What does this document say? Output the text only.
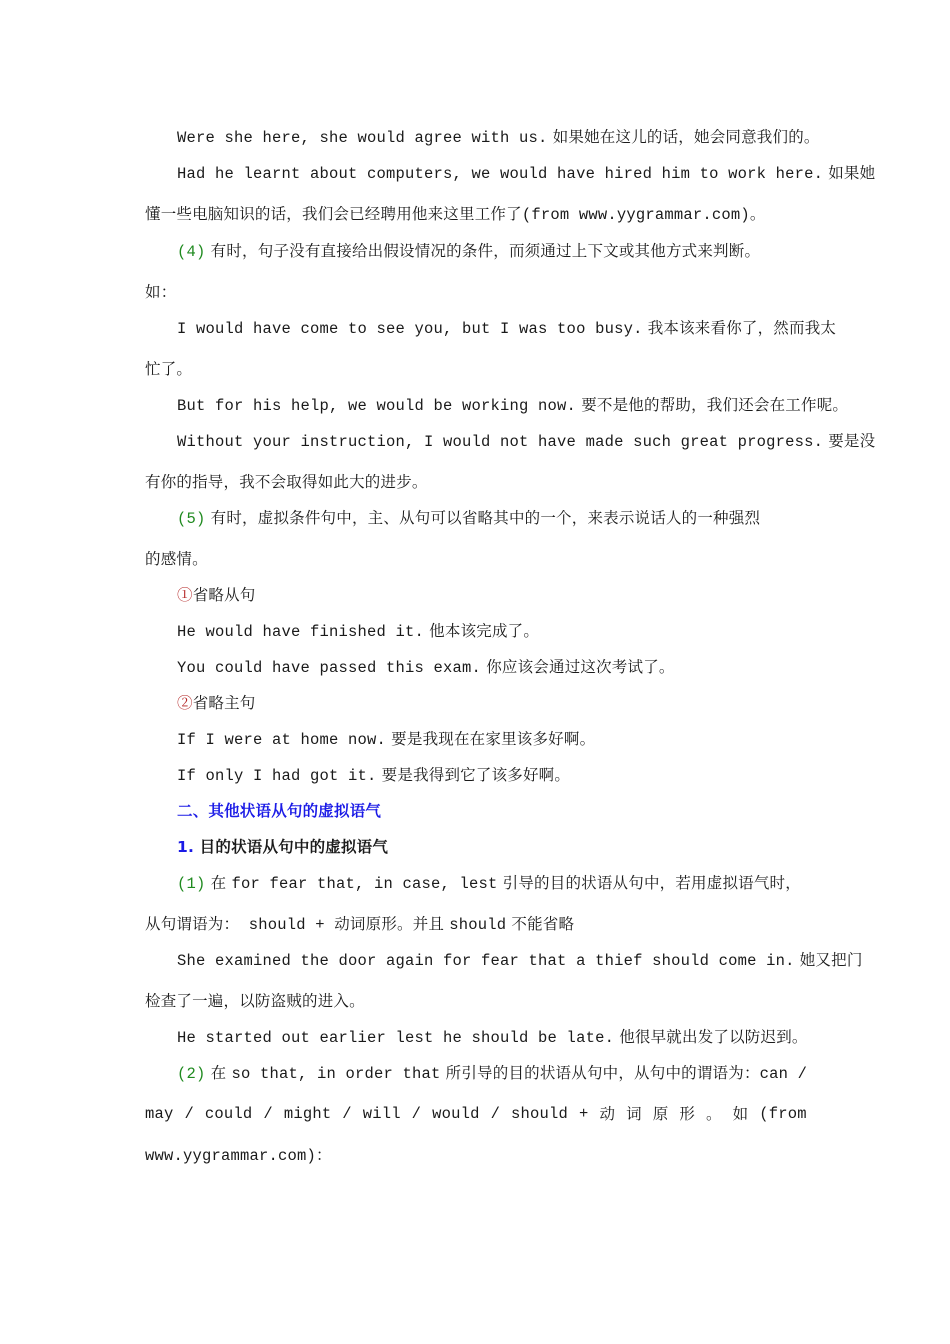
Were she here, she would agree with us. 如果她在这儿的话，她会同意我们的。
Had he learnt about computers, we would have hired him to work here. 如果她
懂一些电脑知识的话，我们会已经聘用他来这里工作了(from www.yygrammar.com)。
(4) 有时，句子没有直接给出假设情况的条件，而须通过上下文或其他方式来判断。
如：
I would have come to see you, but I was too busy. 我本该来看你了，然而我太
忙了。
But for his help, we would be working now. 要不是他的帮助，我们还会在工作呢。
Without your instruction, I would not have made such great progress. 要是没
有你的指导，我不会取得如此大的进步。
(5) 有时，虚拟条件句中，主、从句可以省略其中的一个，来表示说话人的一种强烈
的感情。
①省略从句
He would have finished it. 他本该完成了。
You could have passed this exam. 你应该会通过这次考试了。
②省略主句
If I were at home now. 要是我现在在家里该多好啊。
If only I had got it. 要是我得到它了该多好啊。
二、其他状语从句的虚拟语气
1. 目的状语从句中的虚拟语气
(1) 在 for fear that, in case, lest 引导的目的状语从句中，若用虚拟语气时，
从句谓语为： should + 动词原形。并且 should 不能省略
She examined the door again for fear that a thief should come in. 她又把门
检查了一遍，以防盗贼的进入。
He started out earlier lest he should be late. 他很早就出发了以防迟到。
(2) 在 so that, in order that 所引导的目的状语从句中，从句中的谓语为：can /
may / could / might / will / would / should + 动 词 原 形 。 如 (from
www.yygrammar.com)：
